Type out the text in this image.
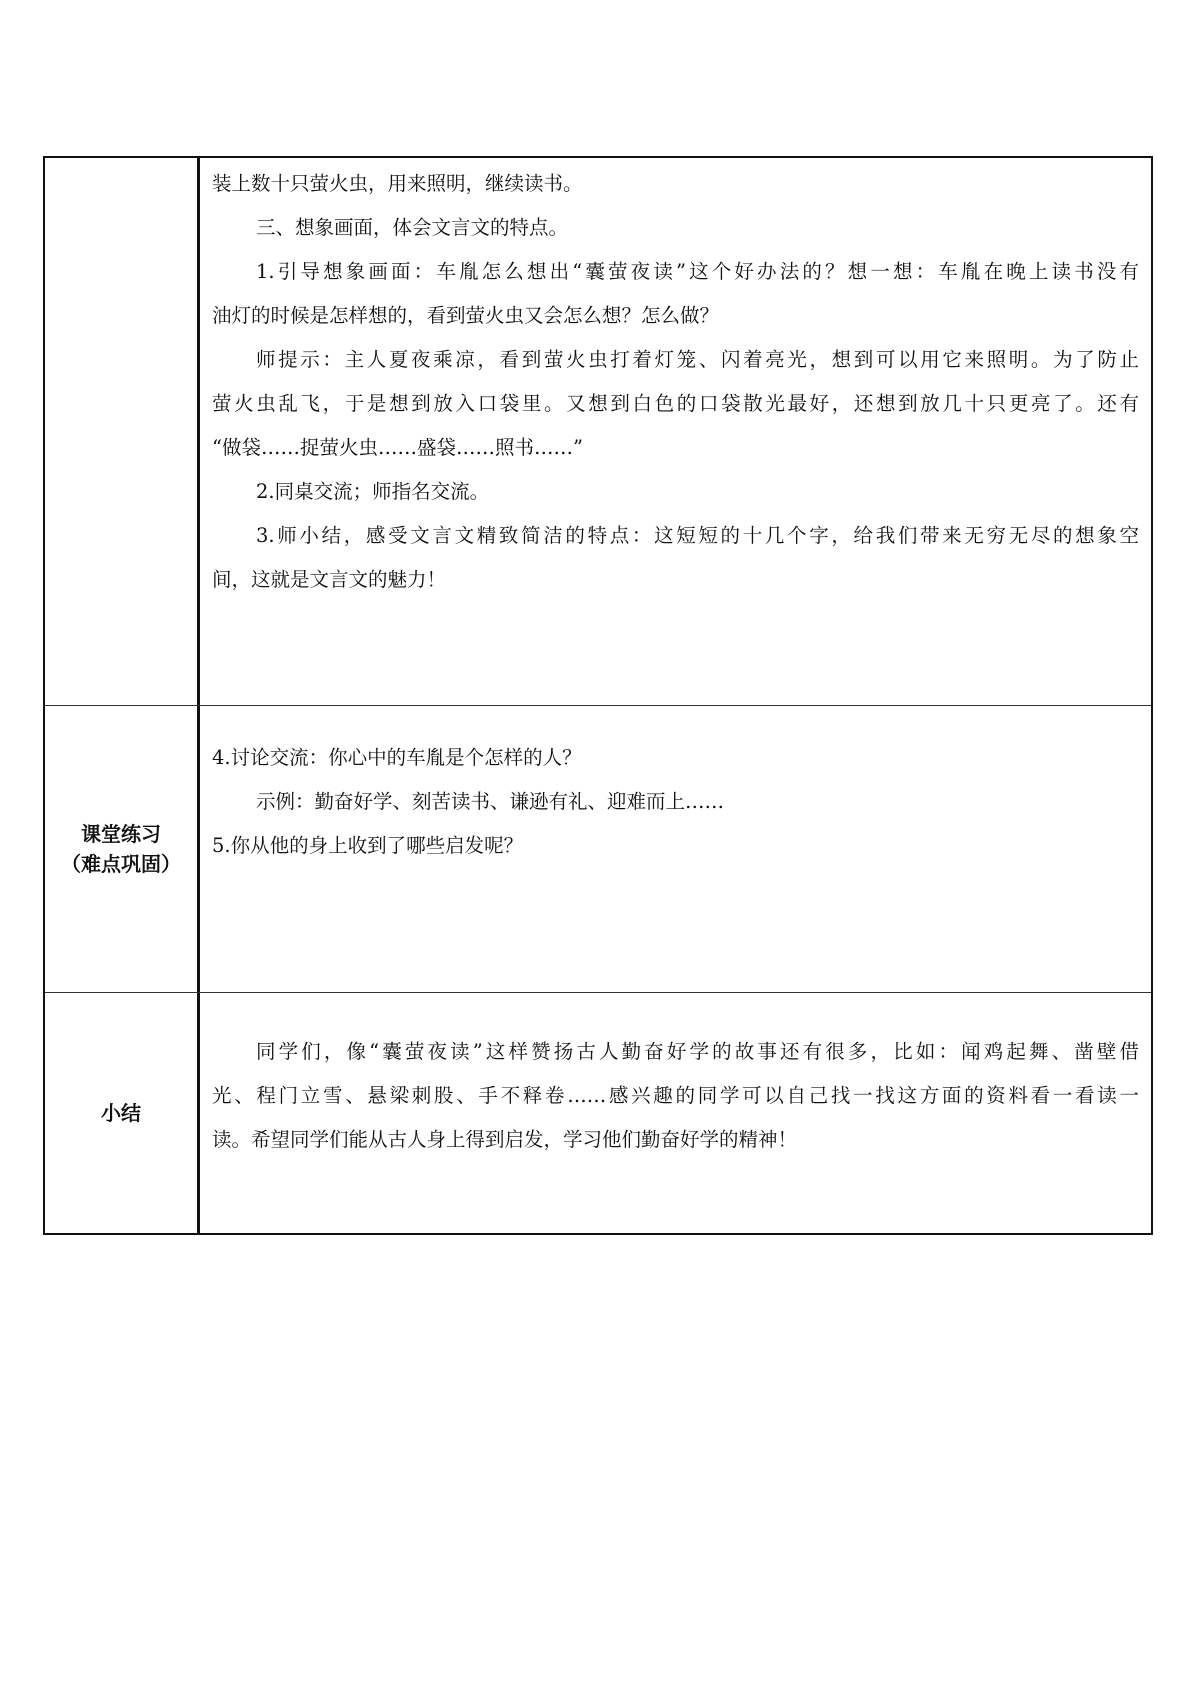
装上数十只萤火虫，用来照明，继续读书。
三、想象画面，体会文言文的特点。
1.引导想象画面：车胤怎么想出“囊萤夜读”这个好办法的？想一想：车胤在晚上读书没有
油灯的时候是怎样想的，看到萤火虫又会怎么想？怎么做？
师提示：主人夏夜乘凉，看到萤火虫打着灯笼、闪着亮光，想到可以用它来照明。为了防止
萤火虫乱飞，于是想到放入口袋里。又想到白色的口袋散光最好，还想到放几十只更亮了。还有
“做袋……捉萤火虫……盛袋……照书……”
2.同桌交流；师指名交流。
3.师小结，感受文言文精致简洁的特点：这短短的十几个字，给我们带来无穷无尽的想象空
间，这就是文言文的魅力！
课堂练习
（难点巩固）
4.讨论交流：你心中的车胤是个怎样的人？
示例：勤奋好学、刻苦读书、谦逊有礼、迎难而上……
5.你从他的身上收到了哪些启发呢？
小结
同学们，像“囊萤夜读”这样赞扬古人勤奋好学的故事还有很多，比如：闻鸡起舞、凿壁借
光、程门立雪、悬梁刺股、手不释卷……感兴趣的同学可以自己找一找这方面的资料看一看读一
读。希望同学们能从古人身上得到启发，学习他们勤奋好学的精神！
